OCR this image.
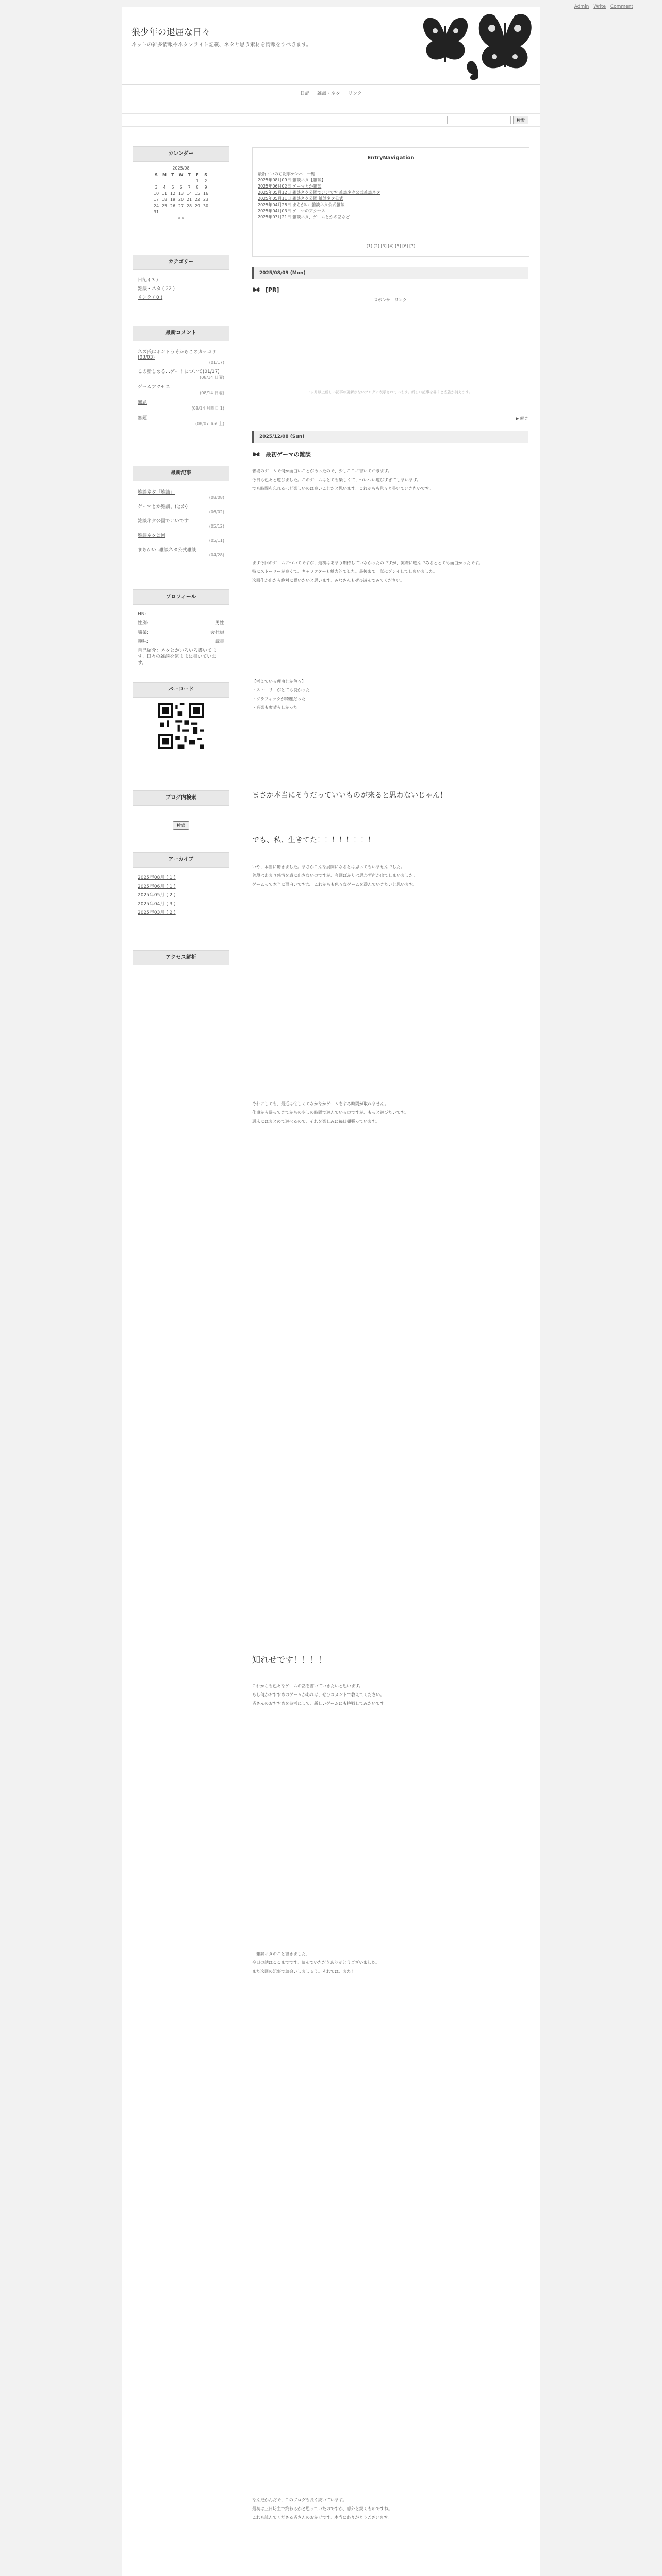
Admin Write Comment
狼少年の退屈な日々
ネットの雑多情報やネタフライト記載、ネタと思う素材を情報をすべきます。
日記 雑談・ネタ リンク
検索
カレンダー
2025/08
S	M	T	W	T	F	S
					1	2
3	4	5	6	7	8	9
10	11	12	13	14	15	16
17	18	19	20	21	22	23
24	25	26	27	28	29	30
31						
« »
カテゴリー
日記 ( 3 )
雑談・ネタ ( 22 )
リンク ( 0 )
最新コメント
ネズ氏はホントうそからこのカテゴリ(03/03)
(01/17)
この新しめる…ゲートについて(01/17)
(08/14 日曜)
ゲームアクセス
(08/14 日曜)
無題
(08/14 月曜日 1)
無題
(08/07 Tue 土)
最新記事
雑談ネタ「雑談」
(08/08)
ゲーマとか雑談、(とか)
(06/02)
雑談ネタ公園でいいです
(05/12)
雑談ネタ公園
(05/11)
まちがい..雑談ネタ公式雑談
(04/28)
プロフィール
HN:
性別:	男性
職業:	会社員
趣味:	読書
自己紹介：ネタとかいろいろ書いてます。日々の雑談を気ままに書いています。
バーコード
ブログ内検索

検索
アーカイブ
2025年08月 ( 1 )
2025年06月 ( 1 )
2025年05月 ( 2 )
2025年04月 ( 3 )
2025年03月 ( 2 )
アクセス解析
EntryNavigation
最新・いのち記事ナンバー一覧
2025年08月09日 雑談ネタ【雑談】
2025年06月02日 ゲーマとか雑談
2025年05月12日 雑談ネタ公園でいいです 雑談ネタ公式雑談ネタ
2025年05月11日 雑談ネタ公園 雑談ネタ公式
2025年04月28日 まちがい..雑談ネタ公式雑談
2025年04月03日 ゲーマのアクセス…
2025年03月21日 雑談ネタ、ゲームとかの話など
[1] [2] [3] [4] [5] [6] [7]
2025/08/09 (Mon)
[PR]
スポンサーリンク
3ヶ月以上新しい記事の更新がないブログに表示されています。新しい記事を書くと広告が消えます。
▶ 続き
2025/12/08 (Sun)
最初ゲーマの雑談

普段のゲームで何か面白いことがあったので、少しここに書いておきます。

今日も色々と遊びました。このゲームはとても楽しくて、ついつい遊びすぎてしまいます。

でも時間を忘れるほど楽しいのは良いことだと思います。これからも色々と書いていきたいです。

まず今回のゲームについてですが、最初はあまり期待していなかったのですが、実際に遊んでみるととても面白かったです。

特にストーリーが良くて、キャラクターも魅力的でした。最後まで一気にプレイしてしまいました。

次回作が出たら絶対に買いたいと思います。みなさんもぜひ遊んでみてください。

【考えている理由とか色々】

・ストーリーがとても良かった

・グラフィックが綺麗だった

・音楽も素晴らしかった

まさか本当にそうだっていいものが来ると思わないじゃん！
でも、私、生きてた！！！！！！！！

いや、本当に驚きました。まさかこんな展開になるとは思ってもいませんでした。

普段はあまり感情を表に出さないのですが、今回ばかりは思わず声が出てしまいました。

ゲームって本当に面白いですね。これからも色々なゲームを遊んでいきたいと思います。

それにしても、最近は忙しくてなかなかゲームをする時間が取れません。

仕事から帰ってきてからの少しの時間で遊んでいるのですが、もっと遊びたいです。

週末にはまとめて遊べるので、それを楽しみに毎日頑張っています。

知れせです！！！！

これからも色々なゲームの話を書いていきたいと思います。

もし何かおすすめのゲームがあれば、ぜひコメントで教えてください。

皆さんのおすすめを参考にして、新しいゲームにも挑戦してみたいです。

「雑談ネタのこと書きました」

今日の話はここまでです。読んでいただきありがとうございました。

また次回の記事でお会いしましょう。それでは、また！

なんだかんだで、このブログも長く続いています。

最初は三日坊主で終わるかと思っていたのですが、意外と続くものですね。

これも読んでくださる皆さんのおかげです。本当にありがとうございます。
